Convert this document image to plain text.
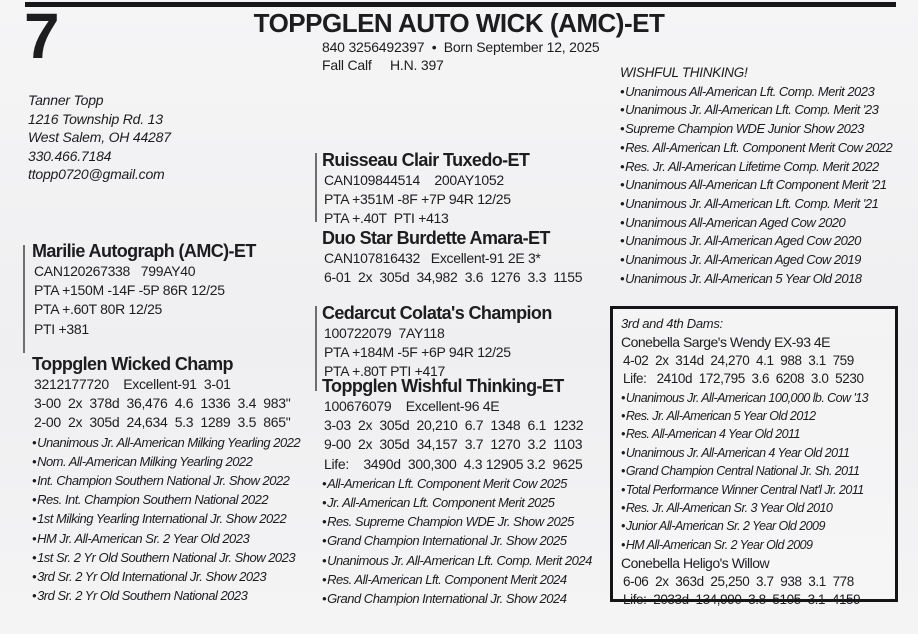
7	TOPPGLEN AUTO WICK (AMC)-ET
840 3256492397  •  Born September 12, 2025
Fall Calf     H.N. 397
Tanner Topp
1216 Township Rd. 13
West Salem, OH 44287
330.466.7184
ttopp0720@gmail.com
WISHFUL THINKING!
• Unanimous All-American Lft. Comp. Merit 2023
• Unanimous Jr. All-American Lft. Comp. Merit '23
• Supreme Champion WDE Junior Show 2023
• Res. All-American Lft. Component Merit Cow 2022
• Res. Jr. All-American Lifetime Comp. Merit 2022
• Unanimous All-American Lft Component Merit '21
• Unanimous Jr. All-American Lft. Comp. Merit '21
• Unanimous All-American Aged Cow 2020
• Unanimous Jr. All-American Aged Cow 2020
• Unanimous Jr. All-American Aged Cow 2019
• Unanimous Jr. All-American 5 Year Old 2018
Marilie Autograph (AMC)-ET
CAN120267338   799AY40
PTA +150M -14F -5P 86R 12/25
PTA +.60T 80R 12/25
PTI +381
Toppglen Wicked Champ
3212177720    Excellent-91  3-01
3-00  2x  378d  36,476  4.6  1336  3.4  983"
2-00  2x  305d  24,634  5.3  1289  3.5  865"
• Unanimous Jr. All-American Milking Yearling 2022
• Nom. All-American Milking Yearling 2022
• Int. Champion Southern National Jr. Show 2022
• Res. Int. Champion Southern National 2022
• 1st Milking Yearling International Jr. Show 2022
• HM Jr. All-American Sr. 2 Year Old 2023
• 1st Sr. 2 Yr Old Southern National Jr. Show 2023
• 3rd Sr. 2 Yr Old International Jr. Show 2023
• 3rd Sr. 2 Yr Old Southern National 2023
Ruisseau Clair Tuxedo-ET
CAN109844514    200AY1052
PTA +351M -8F +7P 94R 12/25
PTA +.40T  PTI +413
Duo Star Burdette Amara-ET
CAN107816432   Excellent-91 2E 3*
6-01  2x  305d  34,982  3.6  1276  3.3  1155
Cedarcut Colata's Champion
100722079  7AY118
PTA +184M -5F +6P 94R 12/25
PTA +.80T PTI +417
Toppglen Wishful Thinking-ET
100676079    Excellent-96 4E
3-03  2x  305d  20,210  6.7  1348  6.1  1232
9-00  2x  305d  34,157  3.7  1270  3.2  1103
Life:    3490d  300,300  4.3 12905 3.2  9625
• All-American Lft. Component Merit Cow 2025
• Jr. All-American Lft. Component Merit 2025
• Res. Supreme Champion WDE Jr. Show 2025
• Grand Champion International Jr. Show 2025
• Unanimous Jr. All-American Lft. Comp. Merit 2024
• Res. All-American Lft. Component Merit 2024
• Grand Champion International Jr. Show 2024
3rd and 4th Dams:
Conebella Sarge's Wendy EX-93 4E
4-02  2x  314d  24,270  4.1  988  3.1  759
Life:   2410d  172,795  3.6  6208  3.0  5230
• Unanimous Jr. All-American 100,000 lb. Cow '13
• Res. Jr. All-American 5 Year Old 2012
• Res. All-American 4 Year Old 2011
• Unanimous Jr. All-American 4 Year Old 2011
• Grand Champion Central National Jr. Sh. 2011
• Total Performance Winner Central Nat'l Jr. 2011
• Res. Jr. All-American Sr. 3 Year Old 2010
• Junior All-American Sr. 2 Year Old 2009
• HM All-American Sr. 2 Year Old 2009
Conebella Heligo's Willow
6-06  2x  363d  25,250  3.7  938  3.1  778
Life:  2033d  134,990  3.8  5105  3.1  4159
